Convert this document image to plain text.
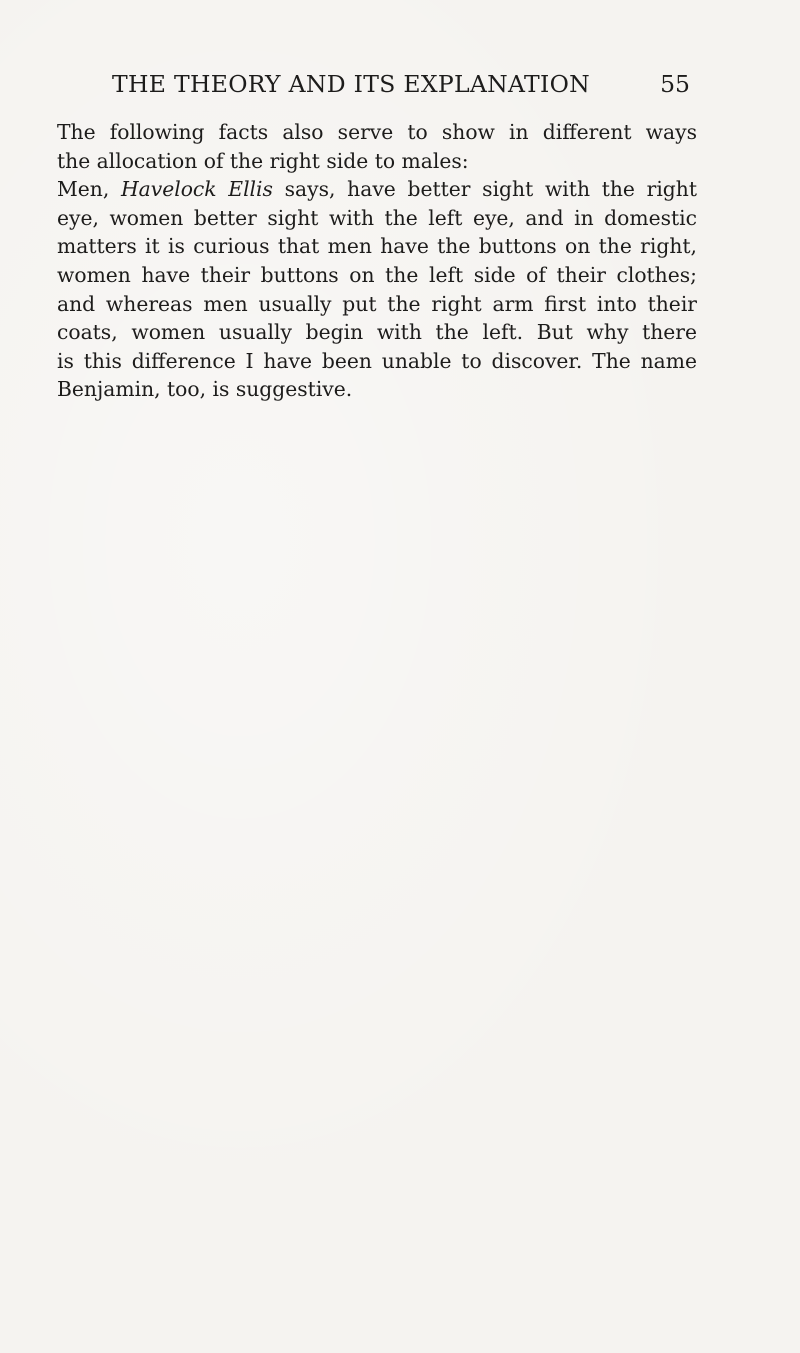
THE THEORY AND ITS EXPLANATION	55
The following facts also serve to show in different ways
the allocation of the right side to males:
Men, Havelock Ellis says, have better sight with the right
eye, women better sight with the left eye, and in domestic
matters it is curious that men have the buttons on the right,
women have their buttons on the left side of their clothes;
and whereas men usually put the right arm first into their
coats, women usually begin with the left. But why there
is this difference I have been unable to discover. The name
Benjamin, too, is suggestive.
